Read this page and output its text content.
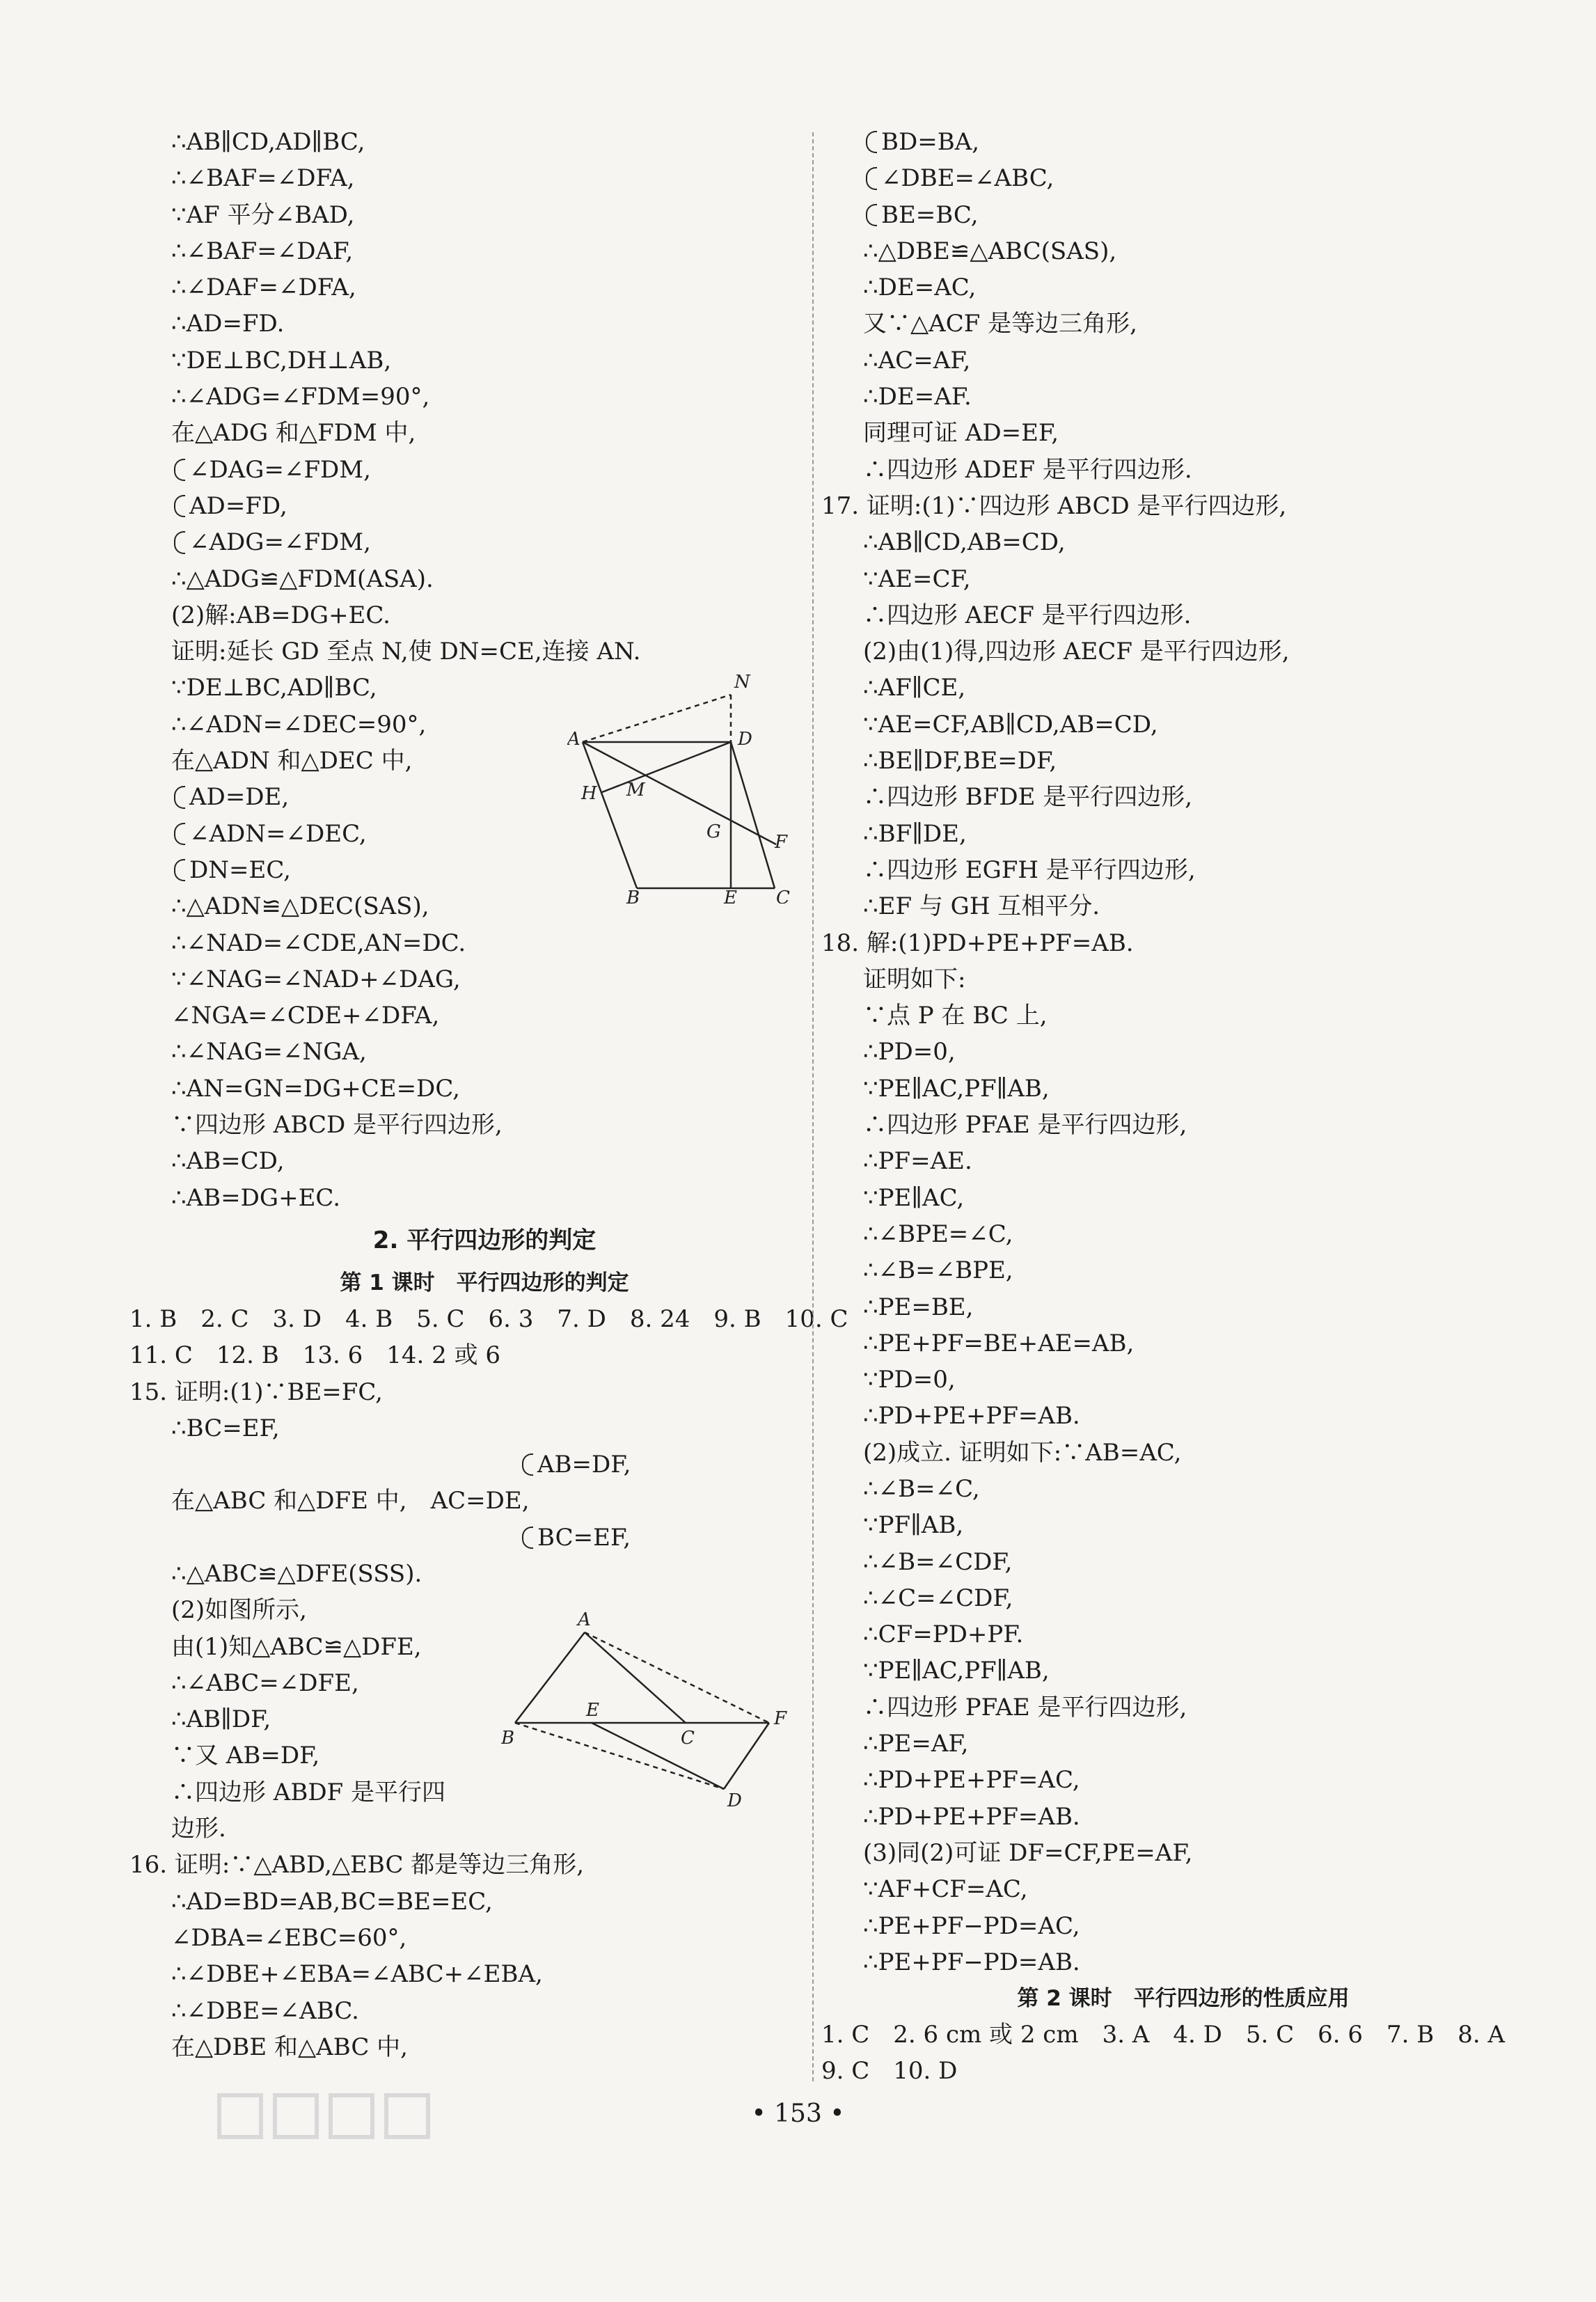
∴AB∥CD,AD∥BC,
∴∠BAF=∠DFA,
∵AF 平分∠BAD,
∴∠BAF=∠DAF,
∴∠DAF=∠DFA,
∴AD=FD.
∵DE⊥BC,DH⊥AB,
∴∠ADG=∠FDM=90°,
在△ADG 和△FDM 中,
∠DAG=∠FDM,
AD=FD,
∠ADG=∠FDM,
∴△ADG≌△FDM(ASA).
(2)解:AB=DG+EC.
证明:延长 GD 至点 N,使 DN=CE,连接 AN.
∵DE⊥BC,AD∥BC,
∴∠ADN=∠DEC=90°,
在△ADN 和△DEC 中,
AD=DE,
∠ADN=∠DEC,
DN=EC,
∴△ADN≌△DEC(SAS),
∴∠NAD=∠CDE,AN=DC.
∵∠NAG=∠NAD+∠DAG,
∠NGA=∠CDE+∠DFA,
∴∠NAG=∠NGA,
∴AN=GN=DG+CE=DC,
∵四边形 ABCD 是平行四边形,
∴AB=CD,
∴AB=DG+EC.
2. 平行四边形的判定
第 1 课时　平行四边形的判定
1. B　2. C　3. D　4. B　5. C　6. 3　7. D　8. 24　9. B　10. C
11. C　12. B　13. 6　14. 2 或 6
15. 证明:(1)∵BE=FC,
∴BC=EF,
AB=DF,
在△ABC 和△DFE 中,　AC=DE,
BC=EF,
∴△ABC≌△DFE(SSS).
(2)如图所示,
由(1)知△ABC≌△DFE,
∴∠ABC=∠DFE,
∴AB∥DF,
∵又 AB=DF,
∴四边形 ABDF 是平行四
边形.
16. 证明:∵△ABD,△EBC 都是等边三角形,
∴AD=BD=AB,BC=BE=EC,
∠DBA=∠EBC=60°,
∴∠DBE+∠EBA=∠ABC+∠EBA,
∴∠DBE=∠ABC.
在△DBE 和△ABC 中,
BD=BA,
∠DBE=∠ABC,
BE=BC,
∴△DBE≌△ABC(SAS),
∴DE=AC,
又∵△ACF 是等边三角形,
∴AC=AF,
∴DE=AF.
同理可证 AD=EF,
∴四边形 ADEF 是平行四边形.
17. 证明:(1)∵四边形 ABCD 是平行四边形,
∴AB∥CD,AB=CD,
∵AE=CF,
∴四边形 AECF 是平行四边形.
(2)由(1)得,四边形 AECF 是平行四边形,
∴AF∥CE,
∵AE=CF,AB∥CD,AB=CD,
∴BE∥DF,BE=DF,
∴四边形 BFDE 是平行四边形,
∴BF∥DE,
∴四边形 EGFH 是平行四边形,
∴EF 与 GH 互相平分.
18. 解:(1)PD+PE+PF=AB.
证明如下:
∵点 P 在 BC 上,
∴PD=0,
∵PE∥AC,PF∥AB,
∴四边形 PFAE 是平行四边形,
∴PF=AE.
∵PE∥AC,
∴∠BPE=∠C,
∴∠B=∠BPE,
∴PE=BE,
∴PE+PF=BE+AE=AB,
∵PD=0,
∴PD+PE+PF=AB.
(2)成立. 证明如下:∵AB=AC,
∴∠B=∠C,
∵PF∥AB,
∴∠B=∠CDF,
∴∠C=∠CDF,
∴CF=PD+PF.
∵PE∥AC,PF∥AB,
∴四边形 PFAE 是平行四边形,
∴PE=AF,
∴PD+PE+PF=AC,
∴PD+PE+PF=AB.
(3)同(2)可证 DF=CF,PE=AF,
∵AF+CF=AC,
∴PE+PF−PD=AC,
∴PE+PF−PD=AB.
第 2 课时　平行四边形的性质应用
1. C　2. 6 cm 或 2 cm　3. A　4. D　5. C　6. 6　7. B　8. A
9. C　10. D
N
A	D
H M
G	F
B	E C
A
B
E
C
F
D
• 153 •
